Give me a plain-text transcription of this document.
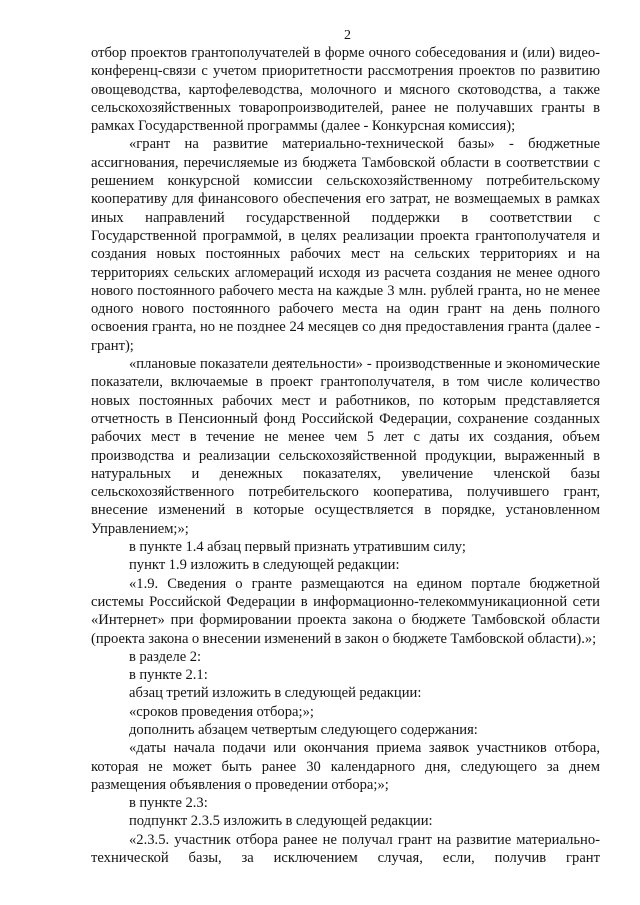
2

отбор проектов грантополучателей в форме очного собеседования и (или) видео-конференц-связи с учетом приоритетности рассмотрения проектов по развитию овощеводства, картофелеводства, молочного и мясного скотоводства, а также сельскохозяйственных товаропроизводителей, ранее не получавших гранты в рамках Государственной программы (далее - Конкурсная комиссия);

«грант на развитие материально-технической базы» - бюджетные ассигнования, перечисляемые из бюджета Тамбовской области в соответствии с решением конкурсной комиссии сельскохозяйственному потребительскому кооперативу для финансового обеспечения его затрат, не возмещаемых в рамках иных направлений государственной поддержки в соответствии с Государственной программой, в целях реализации проекта грантополучателя и создания новых постоянных рабочих мест на сельских территориях и на территориях сельских агломераций исходя из расчета создания не менее одного нового постоянного рабочего места на каждые 3 млн. рублей гранта, но не менее одного нового постоянного рабочего места на один грант на день полного освоения гранта, но не позднее 24 месяцев со дня предоставления гранта (далее - грант);

«плановые показатели деятельности» - производственные и экономические показатели, включаемые в проект грантополучателя, в том числе количество новых постоянных рабочих мест и работников, по которым представляется отчетность в Пенсионный фонд Российской Федерации, сохранение созданных рабочих мест в течение не менее чем 5 лет с даты их создания, объем производства и реализации сельскохозяйственной продукции, выраженный в натуральных и денежных показателях, увеличение членской базы сельскохозяйственного потребительского кооператива, получившего грант, внесение изменений в которые осуществляется в порядке, установленном Управлением;»;

в пункте 1.4 абзац первый признать утратившим силу;

пункт 1.9 изложить в следующей редакции:

«1.9. Сведения о гранте размещаются на едином портале бюджетной системы Российской Федерации в информационно-телекоммуникационной сети «Интернет» при формировании проекта закона о бюджете Тамбовской области (проекта закона о внесении изменений в закон о бюджете Тамбовской области).»;

в разделе 2:

в пункте 2.1:

абзац третий изложить в следующей редакции:

«сроков проведения отбора;»;

дополнить абзацем четвертым следующего содержания:

«даты начала подачи или окончания приема заявок участников отбора, которая не может быть ранее 30 календарного дня, следующего за днем размещения объявления о проведении отбора;»;

в пункте 2.3:

подпункт 2.3.5 изложить в следующей редакции:

«2.3.5. участник отбора ранее не получал грант на развитие материально-технической базы, за исключением случая, если, получив грант
